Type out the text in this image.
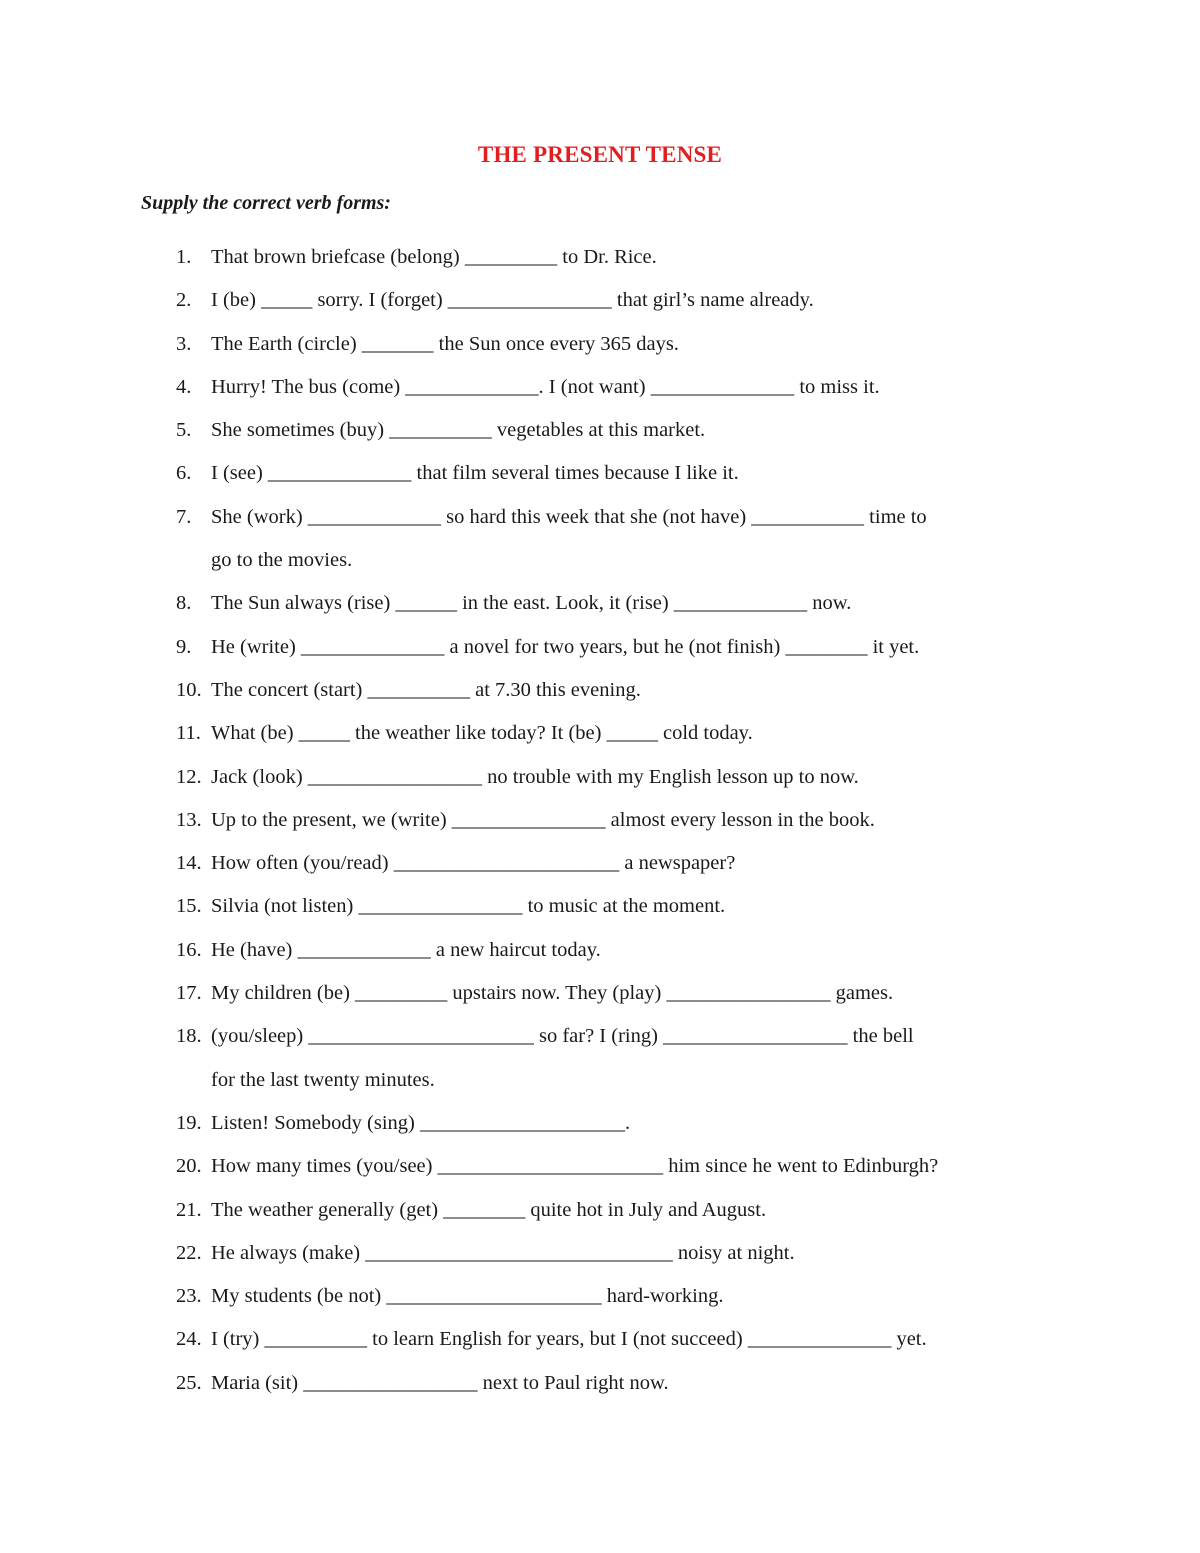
THE PRESENT TENSE
Supply the correct verb forms:
1. That brown briefcase (belong) _________ to Dr. Rice.
2. I (be) _____ sorry. I (forget) ________________ that girl’s name already.
3. The Earth (circle) _______ the Sun once every 365 days.
4. Hurry! The bus (come) _____________. I (not want) ______________ to miss it.
5. She sometimes (buy) __________ vegetables at this market.
6. I (see) ______________ that film several times because I like it.
7. She (work) _____________ so hard this week that she (not have) ___________ time to
go to the movies.
8. The Sun always (rise) ______ in the east. Look, it (rise) _____________ now.
9. He (write) ______________ a novel for two years, but he (not finish) ________ it yet.
10. The concert (start) __________ at 7.30 this evening.
11. What (be) _____ the weather like today? It (be) _____ cold today.
12. Jack (look) _________________ no trouble with my English lesson up to now.
13. Up to the present, we (write) _______________ almost every lesson in the book.
14. How often (you/read) ______________________ a newspaper?
15. Silvia (not listen) ________________ to music at the moment.
16. He (have) _____________ a new haircut today.
17. My children (be) _________ upstairs now. They (play) ________________ games.
18. (you/sleep) ______________________ so far? I (ring) __________________ the bell
for the last twenty minutes.
19. Listen! Somebody (sing) ____________________.
20. How many times (you/see) ______________________ him since he went to Edinburgh?
21. The weather generally (get) ________ quite hot in July and August.
22. He always (make) ______________________________ noisy at night.
23. My students (be not) _____________________ hard-working.
24. I (try) __________ to learn English for years, but I (not succeed) ______________ yet.
25. Maria (sit) _________________ next to Paul right now.
